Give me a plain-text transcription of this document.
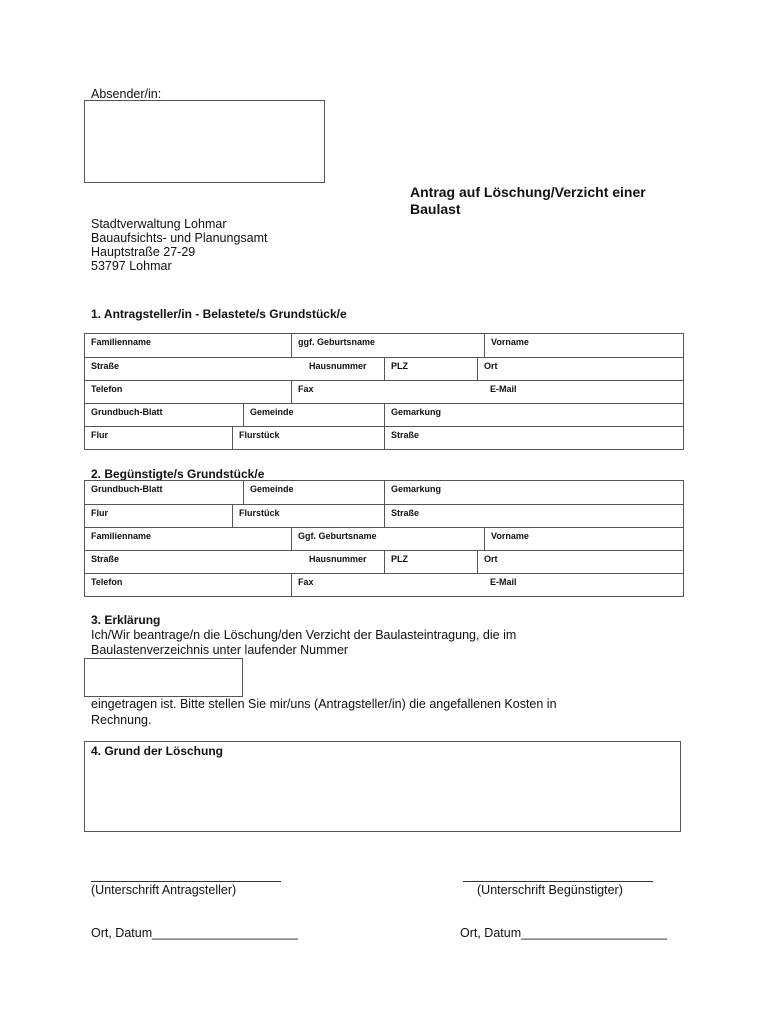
Absender/in:
Antrag auf Löschung/Verzicht einer
Baulast
Stadtverwaltung Lohmar
Bauaufsichts- und Planungsamt
Hauptstraße 27-29
53797 Lohmar
1. Antragsteller/in - Belastete/s Grundstück/e
Familienname	ggf. Geburtsname	Vorname
Straße	Hausnummer	PLZ	Ort
Telefon	Fax	E-Mail
Grundbuch-Blatt	Gemeinde	Gemarkung
Flur	Flurstück	Straße
2. Begünstigte/s Grundstück/e
Grundbuch-Blatt	Gemeinde	Gemarkung
Flur	Flurstück	Straße
Familienname	Ggf. Geburtsname	Vorname
Straße	Hausnummer	PLZ	Ort
Telefon	Fax	E-Mail
3. Erklärung
Ich/Wir beantrage/n die Löschung/den Verzicht der Baulasteintragung, die im
Baulastenverzeichnis unter laufender Nummer
eingetragen ist. Bitte stellen Sie mir/uns (Antragsteller/in) die angefallenen Kosten in
Rechnung.
4. Grund der Löschung
(Unterschrift Antragsteller)	(Unterschrift Begünstigter)
Ort, Datum_____________________	Ort, Datum_____________________
